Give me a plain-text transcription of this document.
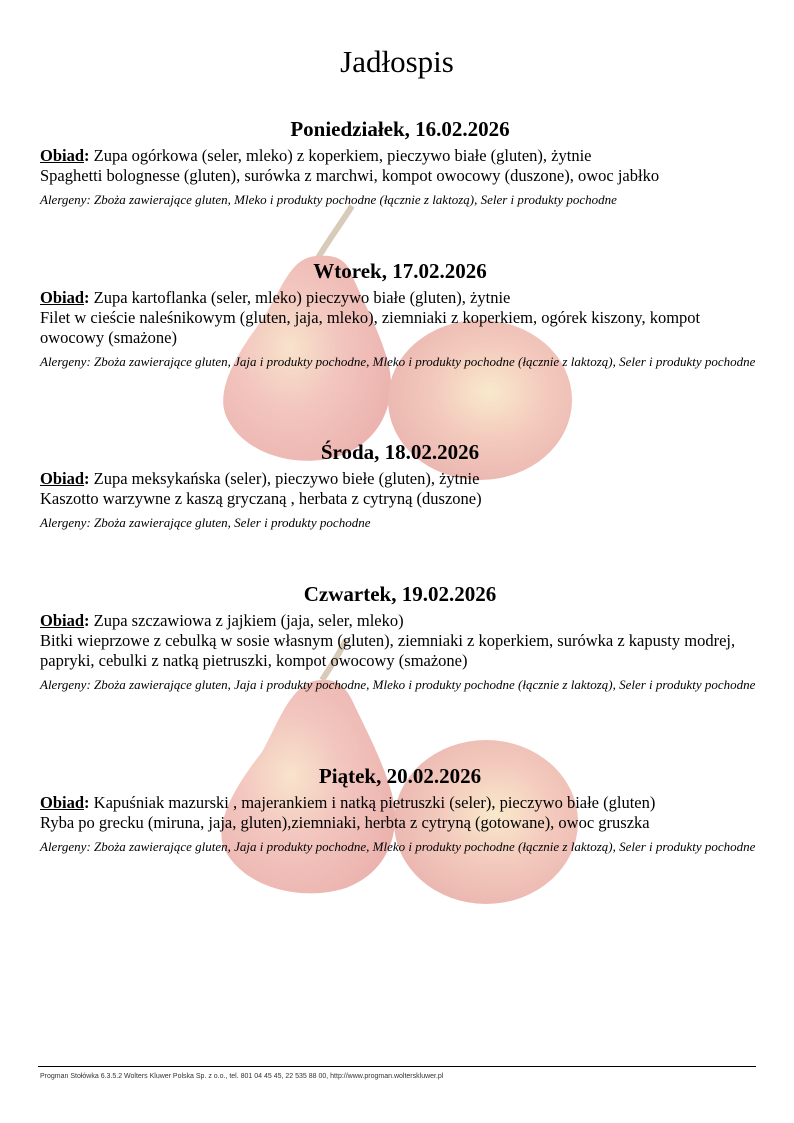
Jadłospis
Poniedziałek, 16.02.2026
Obiad: Zupa ogórkowa (seler, mleko) z koperkiem, pieczywo białe (gluten), żytnie
Spaghetti bolognesse (gluten), surówka z marchwi, kompot owocowy (duszone), owoc jabłko
Alergeny: Zboża zawierające gluten, Mleko i produkty pochodne (łącznie z laktozą), Seler i produkty pochodne
Wtorek, 17.02.2026
Obiad: Zupa kartoflanka (seler, mleko) pieczywo białe (gluten), żytnie
Filet w cieście naleśnikowym (gluten, jaja, mleko), ziemniaki z koperkiem, ogórek kiszony, kompot owocowy (smażone)
Alergeny: Zboża zawierające gluten, Jaja i produkty pochodne, Mleko i produkty pochodne (łącznie z laktozą), Seler i produkty pochodne
Środa, 18.02.2026
Obiad: Zupa meksykańska (seler), pieczywo biełe (gluten), żytnie
Kaszotto warzywne z kaszą gryczaną , herbata z cytryną (duszone)
Alergeny: Zboża zawierające gluten, Seler i produkty pochodne
Czwartek, 19.02.2026
Obiad: Zupa szczawiowa z jajkiem (jaja, seler, mleko)
Bitki wieprzowe z cebulką w sosie własnym (gluten), ziemniaki z koperkiem, surówka z kapusty modrej, papryki, cebulki z natką pietruszki, kompot owocowy (smażone)
Alergeny: Zboża zawierające gluten, Jaja i produkty pochodne, Mleko i produkty pochodne (łącznie z laktozą), Seler i produkty pochodne
Piątek, 20.02.2026
Obiad: Kapuśniak mazurski , majerankiem i natką pietruszki (seler), pieczywo białe (gluten)
Ryba po grecku (miruna, jaja, gluten),ziemniaki, herbta z cytryną (gotowane), owoc gruszka
Alergeny: Zboża zawierające gluten, Jaja i produkty pochodne, Mleko i produkty pochodne (łącznie z laktozą), Seler i produkty pochodne
Progman Stołówka 6.3.5.2 Wolters Kluwer Polska Sp. z o.o., tel. 801 04 45 45, 22 535 88 00, http://www.progman.wolterskluwer.pl
